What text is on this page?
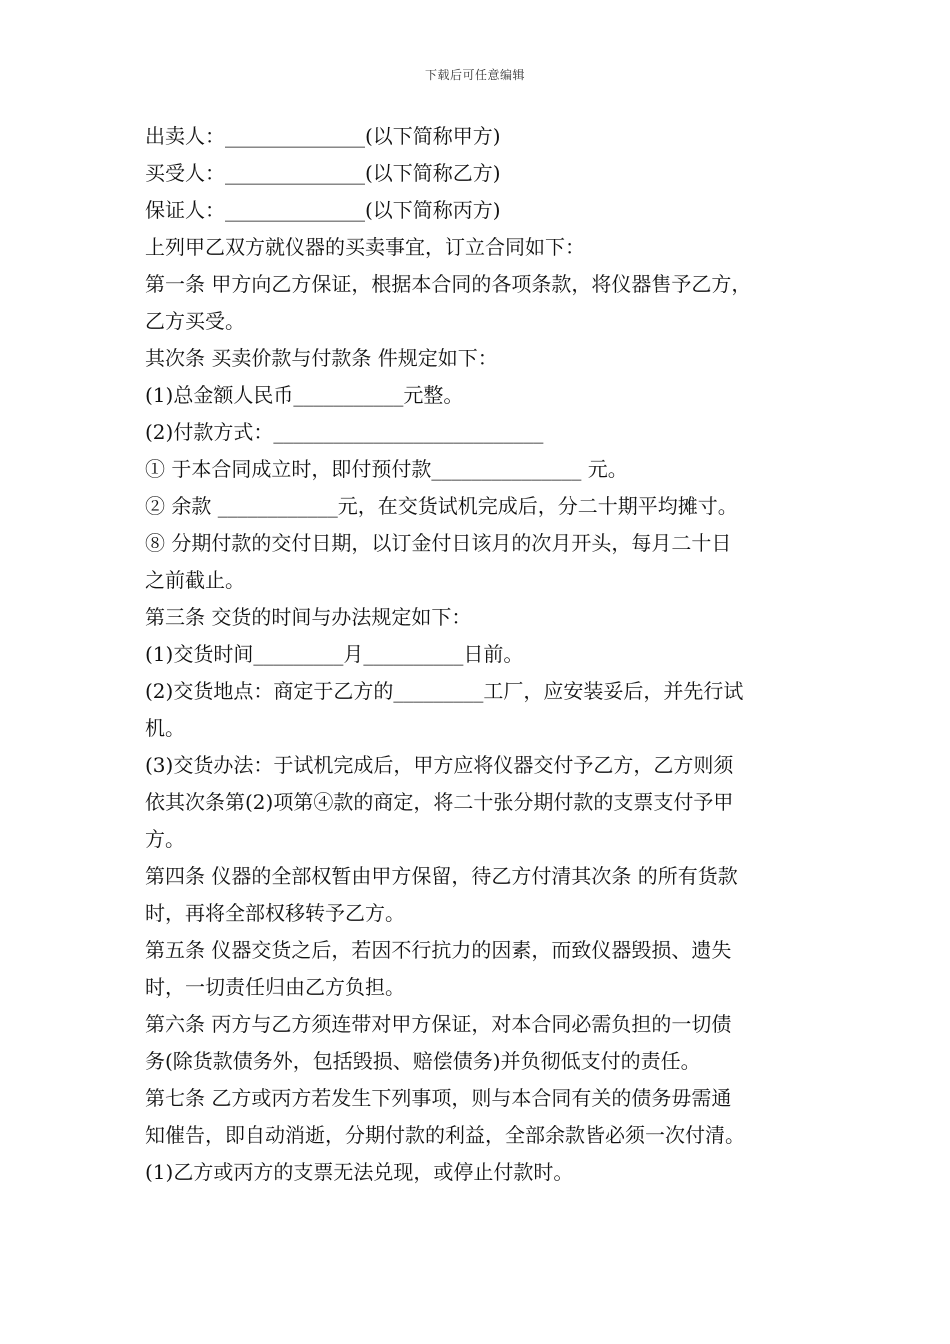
下载后可任意编辑

出卖人：______________(以下简称甲方)

买受人：______________(以下简称乙方)

保证人：______________(以下简称丙方)

上列甲乙双方就仪器的买卖事宜，订立合同如下：

第一条 甲方向乙方保证，根据本合同的各项条款，将仪器售予乙方，

乙方买受。

其次条 买卖价款与付款条 件规定如下：

(1)总金额人民币___________元整。

(2)付款方式：___________________________

① 于本合同成立时，即付预付款_______________ 元。

② 余款 ____________元，在交货试机完成后，分二十期平均摊寸。

⑧ 分期付款的交付日期，以订金付日该月的次月开头，每月二十日

之前截止。

第三条 交货的时间与办法规定如下：

(1)交货时间_________月__________日前。

(2)交货地点：商定于乙方的_________工厂，应安装妥后，并先行试

机。

(3)交货办法：于试机完成后，甲方应将仪器交付予乙方，乙方则须

依其次条第(2)项第④款的商定，将二十张分期付款的支票支付予甲

方。

第四条 仪器的全部权暂由甲方保留，待乙方付清其次条 的所有货款

时，再将全部权移转予乙方。

第五条 仪器交货之后，若因不行抗力的因素，而致仪器毁损、遗失

时，一切责任归由乙方负担。

第六条 丙方与乙方须连带对甲方保证，对本合同必需负担的一切债

务(除货款债务外，包括毁损、赔偿债务)并负彻低支付的责任。

第七条 乙方或丙方若发生下列事项，则与本合同有关的债务毋需通

知催告，即自动消逝，分期付款的利益，全部余款皆必须一次付清。

(1)乙方或丙方的支票无法兑现，或停止付款时。
